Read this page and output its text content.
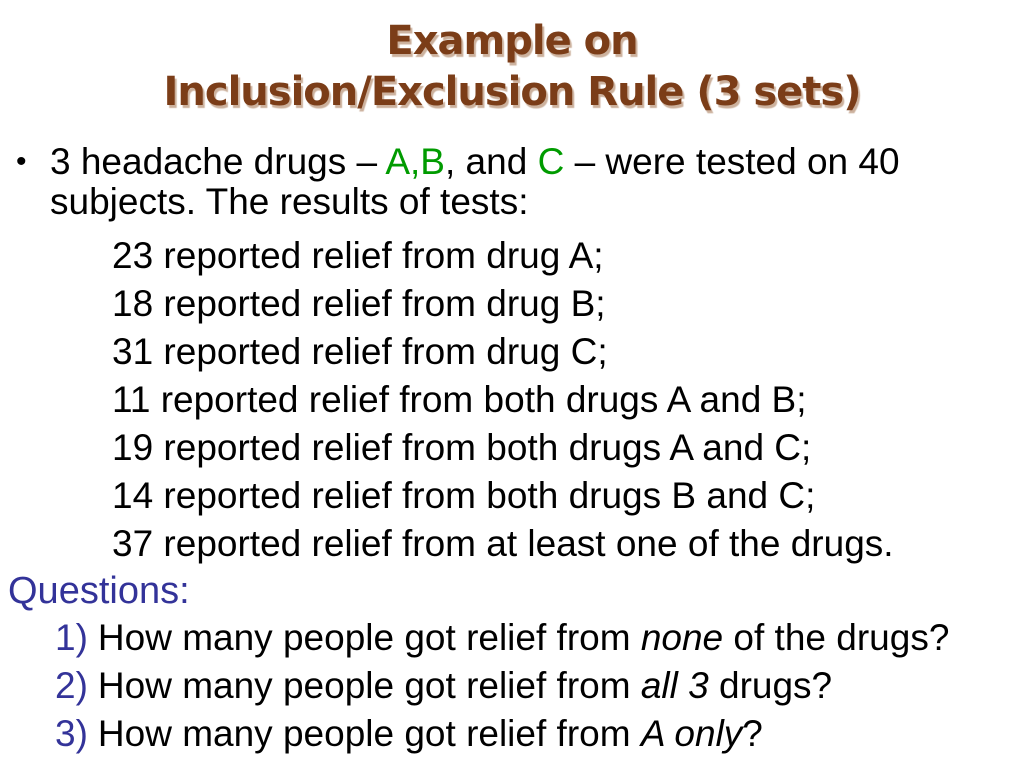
Example on
Inclusion/Exclusion Rule (3 sets)
• 3 headache drugs – A,B, and C – were tested on 40
subjects. The results of tests:
23 reported relief from drug A;
18 reported relief from drug B;
31 reported relief from drug C;
11 reported relief from both drugs A and B;
19 reported relief from both drugs A and C;
14 reported relief from both drugs B and C;
37 reported relief from at least one of the drugs.
Questions:
1) How many people got relief from none of the drugs?
2) How many people got relief from all 3 drugs?
3) How many people got relief from A only?
